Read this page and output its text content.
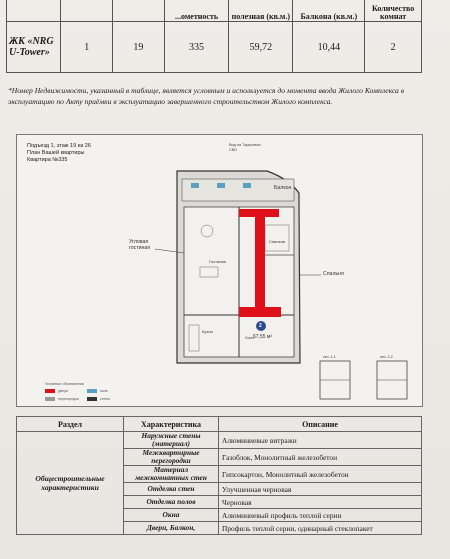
			...ометность	полезная (кв.м.)	Балкона (кв.м.)	Количество комнат
ЖК «NRG U-Tower»	1	19	335	59,72	10,44	2
*Номер Недвижимости, указанный в таблице, является условным и используется до момента ввода Жилого Комплекса в эксплуатацию по Акту приёмки в эксплуатацию завершенного строительством Жилого комплекса.
Подъезд 1, этаж 19 из 26
План Вашей квартиры
Квартира №335
Вид на Тарасевич
CBD
Балкон
Угловая гостиная
Спальня
Спальня
Гостиная
Кухня
Холл
2
67,55 м²
сеч. 1-1	сеч. 2-2
Условные обозначения
двери	окна
перегородки	стены
Раздел	Характеристика	Описание
Общестроительные характеристики	Наружные стены (материал)	Алюминиевые витражи
	Межквартирные перегородки	Газоблок, Монолитный железобетон
	Материал межкомнатных стен	Гипсокартон, Монолитный железобетон
	Отделка стен	Улучшенная черновая
	Отделка полов	Черновая
	Окна	Алюминиевый профиль теплой серии
	Двери, Балкон,	Профиль теплой серии, одинарный стеклопакет
